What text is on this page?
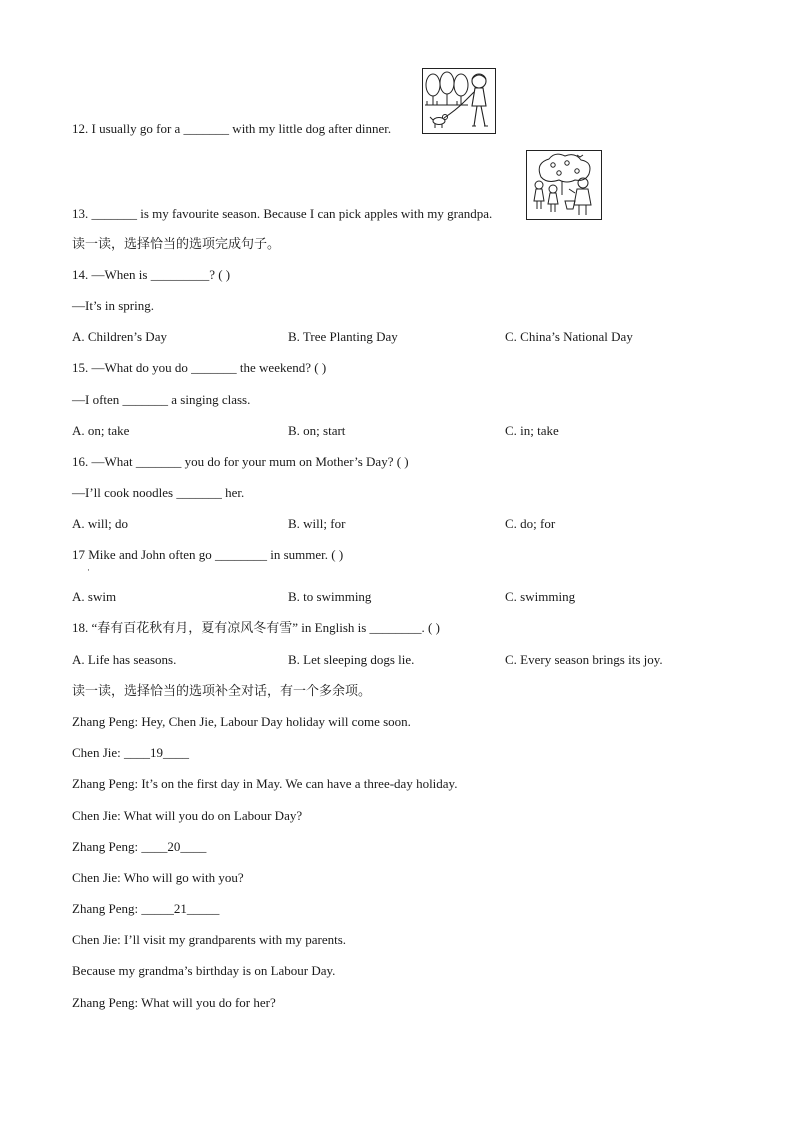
12. I usually go for a _______ with my little dog after dinner.
13. _______ is my favourite season. Because I can pick apples with my grandpa.
读一读，选择恰当的选项完成句子。
14. —When is _________? ( )
—It’s in spring.
A. Children’s Day	B. Tree Planting Day	C. China’s National Day
15. —What do you do _______ the weekend? ( )
—I often _______ a singing class.
A. on; take	B. on; start	C. in; take
16. —What _______ you do for your mum on Mother’s Day? ( )
—I’ll cook noodles _______ her.
A. will; do	B. will; for	C. do; for
17 Mike and John often go ________ in summer. ( )
·
A. swim	B. to swimming	C. swimming
18. “春有百花秋有月，夏有凉风冬有雪” in English is ________. ( )
A. Life has seasons.	B. Let sleeping dogs lie.	C. Every season brings its joy.
读一读，选择恰当的选项补全对话，有一个多余项。
Zhang Peng: Hey, Chen Jie, Labour Day holiday will come soon.
Chen Jie: ____19____
Zhang Peng: It’s on the first day in May. We can have a three-day holiday.
Chen Jie: What will you do on Labour Day?
Zhang Peng: ____20____
Chen Jie: Who will go with you?
Zhang Peng: _____21_____
Chen Jie: I’ll visit my grandparents with my parents.
Because my grandma’s birthday is on Labour Day.
Zhang Peng: What will you do for her?
